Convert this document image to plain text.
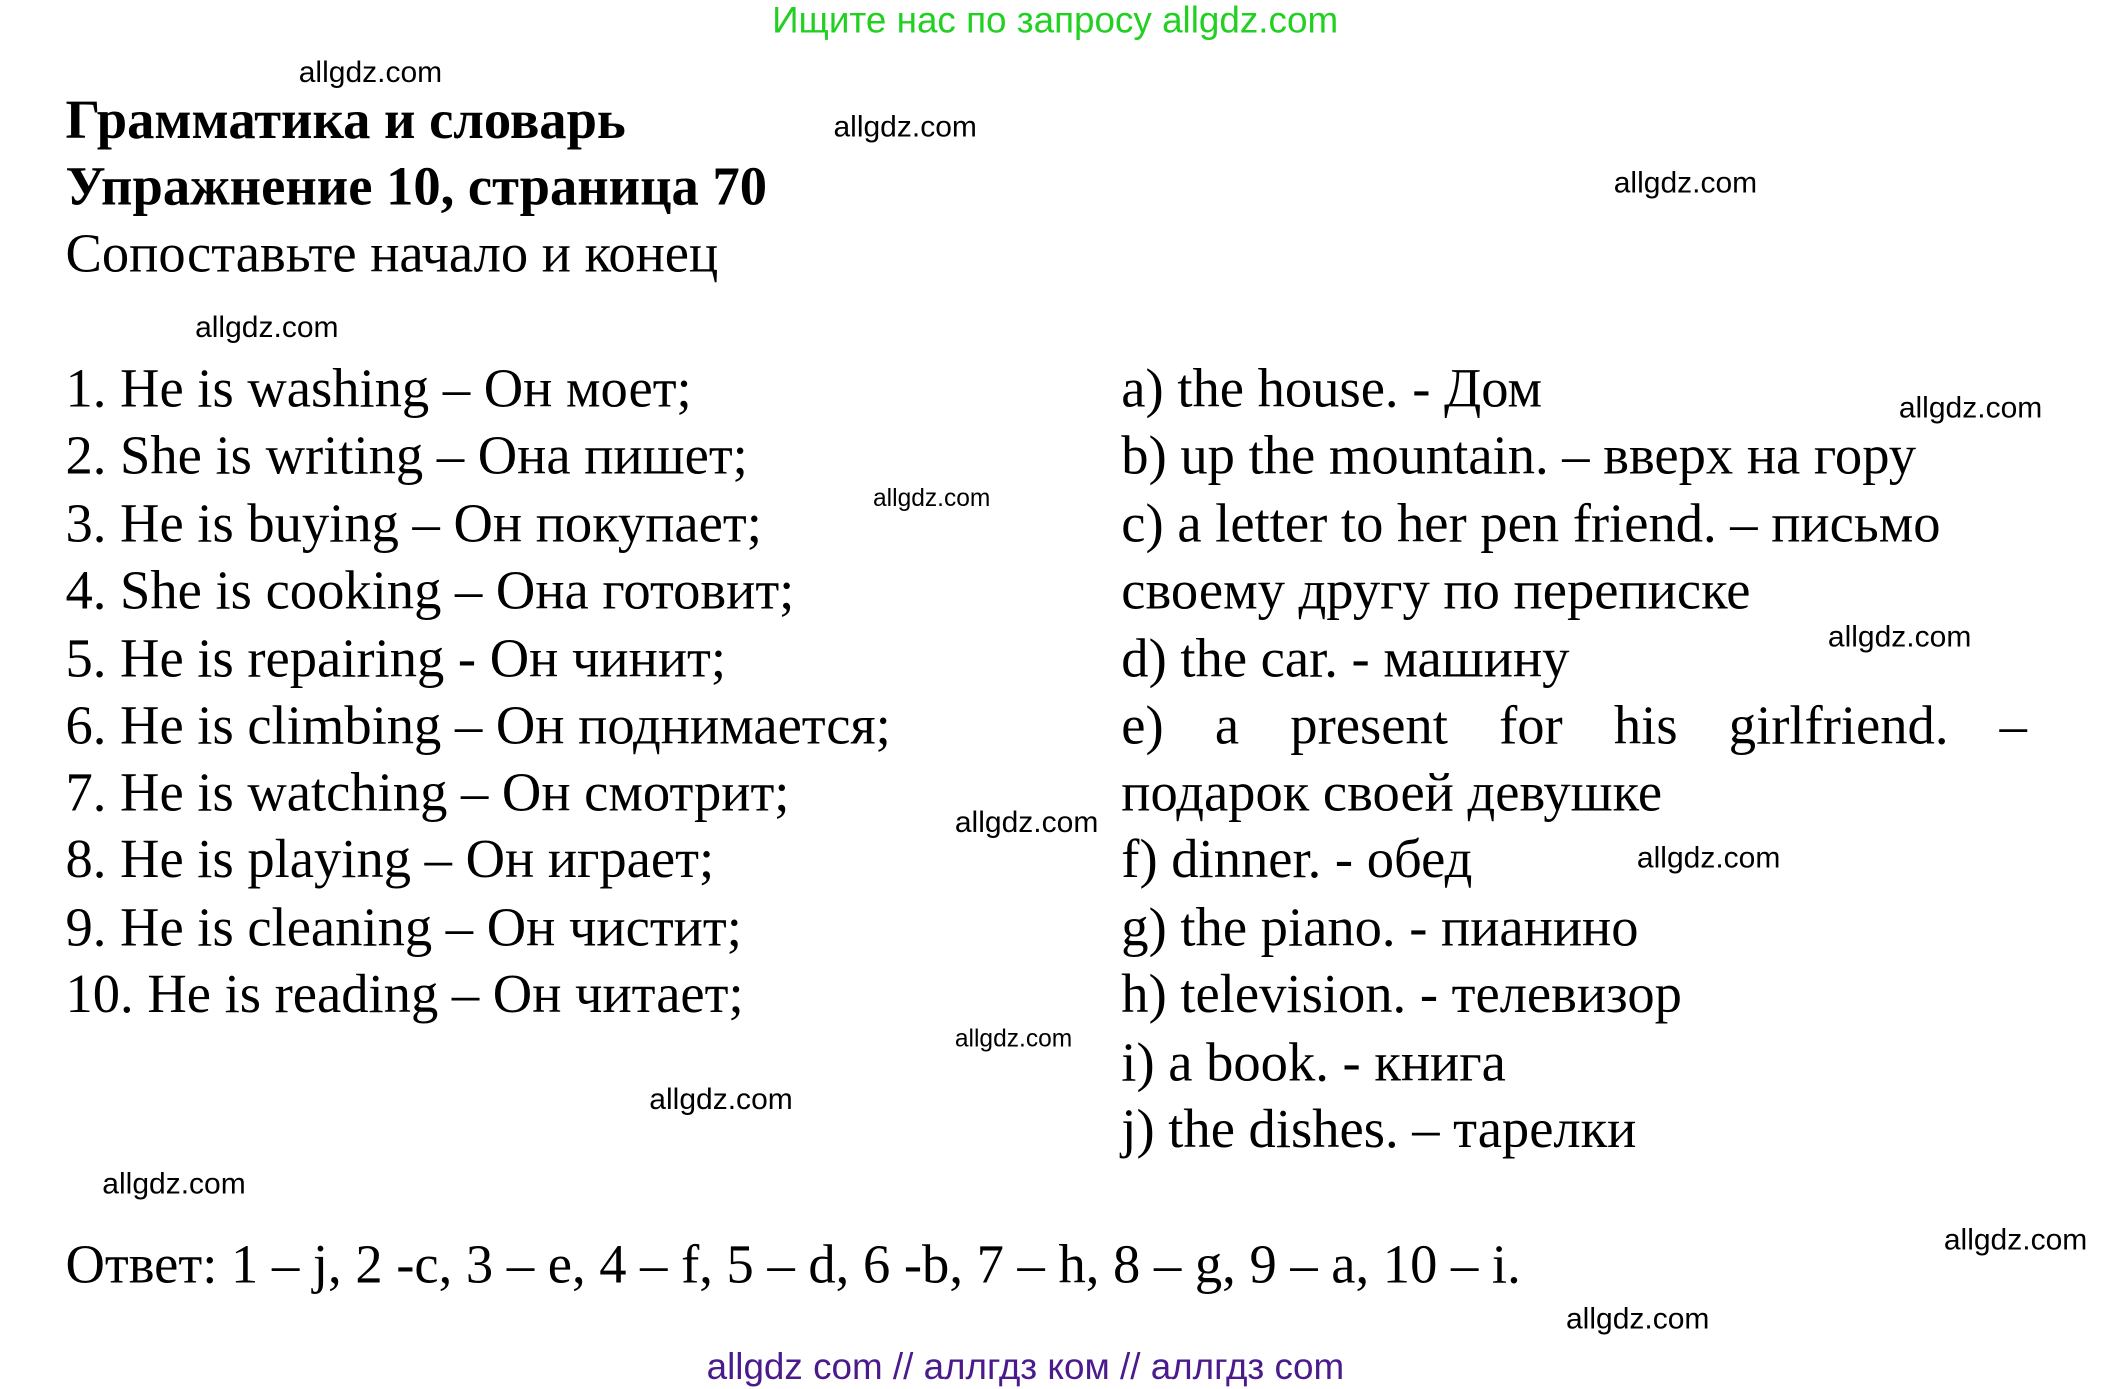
Ищите нас по запросу allgdz.com
Грамматика и словарь
Упражнение 10, страница 70
Сопоставьте начало и конец
1. He is washing – Он моет;
2. She is writing – Она пишет;
3. He is buying – Он покупает;
4. She is cooking – Она готовит;
5. He is repairing - Он чинит;
6. He is climbing – Он поднимается;
7. He is watching – Он смотрит;
8. He is playing – Он играет;
9. He is cleaning – Он чистит;
10. He is reading – Он читает;
a) the house. - Дом
b) up the mountain. – вверх на гору
c) a letter to her pen friend. – письмо
своему другу по переписке
d) the car. - машину
e) a present for his girlfriend. –
подарок своей девушке
f) dinner. - обед
g) the piano. - пианино
h) television. - телевизор
i) a book. - книга
j) the dishes. – тарелки
Ответ: 1 – j, 2 -c, 3 – e, 4 – f, 5 – d, 6 -b, 7 – h, 8 – g, 9 – a, 10 – i.
allgdz.com
allgdz.com
allgdz.com
allgdz.com
allgdz.com
allgdz.com
allgdz.com
allgdz.com
allgdz.com
allgdz.com
allgdz.com
allgdz.com
allgdz.com
allgdz.com
allgdz com // аллгдз ком // аллгдз com
